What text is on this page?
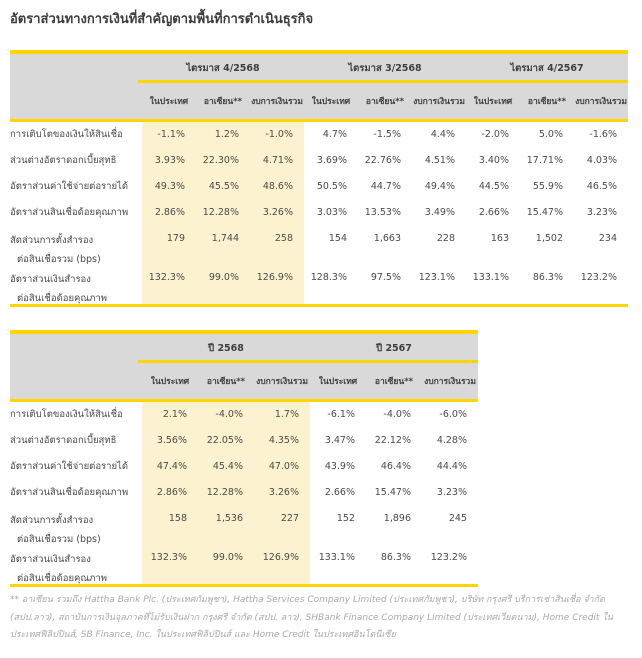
อัตราส่วนทางการเงินที่สำคัญตามพื้นที่การดำเนินธุรกิจ
ไตรมาส 4/2568	ไตรมาส 3/2568	ไตรมาส 4/2567
ในประเทศ	อาเซียน**	งบการเงินรวม	ในประเทศ	อาเซียน**	งบการเงินรวม	ในประเทศ	อาเซียน**	งบการเงินรวม
การเติบโตของเงินให้สินเชื่อ	-1.1%	1.2%	-1.0%	4.7%	-1.5%	4.4%	-2.0%	5.0%	-1.6%
ส่วนต่างอัตราดอกเบี้ยสุทธิ	3.93%	22.30%	4.71%	3.69%	22.76%	4.51%	3.40%	17.71%	4.03%
อัตราส่วนค่าใช้จ่ายต่อรายได้	49.3%	45.5%	48.6%	50.5%	44.7%	49.4%	44.5%	55.9%	46.5%
อัตราส่วนสินเชื่อด้อยคุณภาพ	2.86%	12.28%	3.26%	3.03%	13.53%	3.49%	2.66%	15.47%	3.23%
สัดส่วนการตั้งสำรอง
ต่อสินเชื่อรวม (bps)
179	1,744	258	154	1,663	228	163	1,502	234
อัตราส่วนเงินสำรอง
ต่อสินเชื่อด้อยคุณภาพ
132.3%	99.0%	126.9%	128.3%	97.5%	123.1%	133.1%	86.3%	123.2%
ปี 2568	ปี 2567
ในประเทศ	อาเซียน**	งบการเงินรวม	ในประเทศ	อาเซียน**	งบการเงินรวม
การเติบโตของเงินให้สินเชื่อ	2.1%	-4.0%	1.7%	-6.1%	-4.0%	-6.0%
ส่วนต่างอัตราดอกเบี้ยสุทธิ	3.56%	22.05%	4.35%	3.47%	22.12%	4.28%
อัตราส่วนค่าใช้จ่ายต่อรายได้	47.4%	45.4%	47.0%	43.9%	46.4%	44.4%
อัตราส่วนสินเชื่อด้อยคุณภาพ	2.86%	12.28%	3.26%	2.66%	15.47%	3.23%
สัดส่วนการตั้งสำรอง
ต่อสินเชื่อรวม (bps)
158	1,536	227	152	1,896	245
อัตราส่วนเงินสำรอง
ต่อสินเชื่อด้อยคุณภาพ
132.3%	99.0%	126.9%	133.1%	86.3%	123.2%
** อาเซียน รวมถึง Hattha Bank Plc. (ประเทศกัมพูชา), Hattha Services Company Limited (ประเทศกัมพูชา), บริษัท กรุงศรี บริการเช่าสินเชื่อ จำกัด (สปป.ลาว), สถาบันการเงินจุลภาคที่ไม่รับเงินฝาก กรุงศรี จำกัด (สปป. ลาว), SHBank Finance Company Limited (ประเทศเวียดนาม), Home Credit ในประเทศฟิลิปปินส์, SB Finance, Inc. ในประเทศฟิลิปปินส์ และ Home Credit ในประเทศอินโดนีเซีย
